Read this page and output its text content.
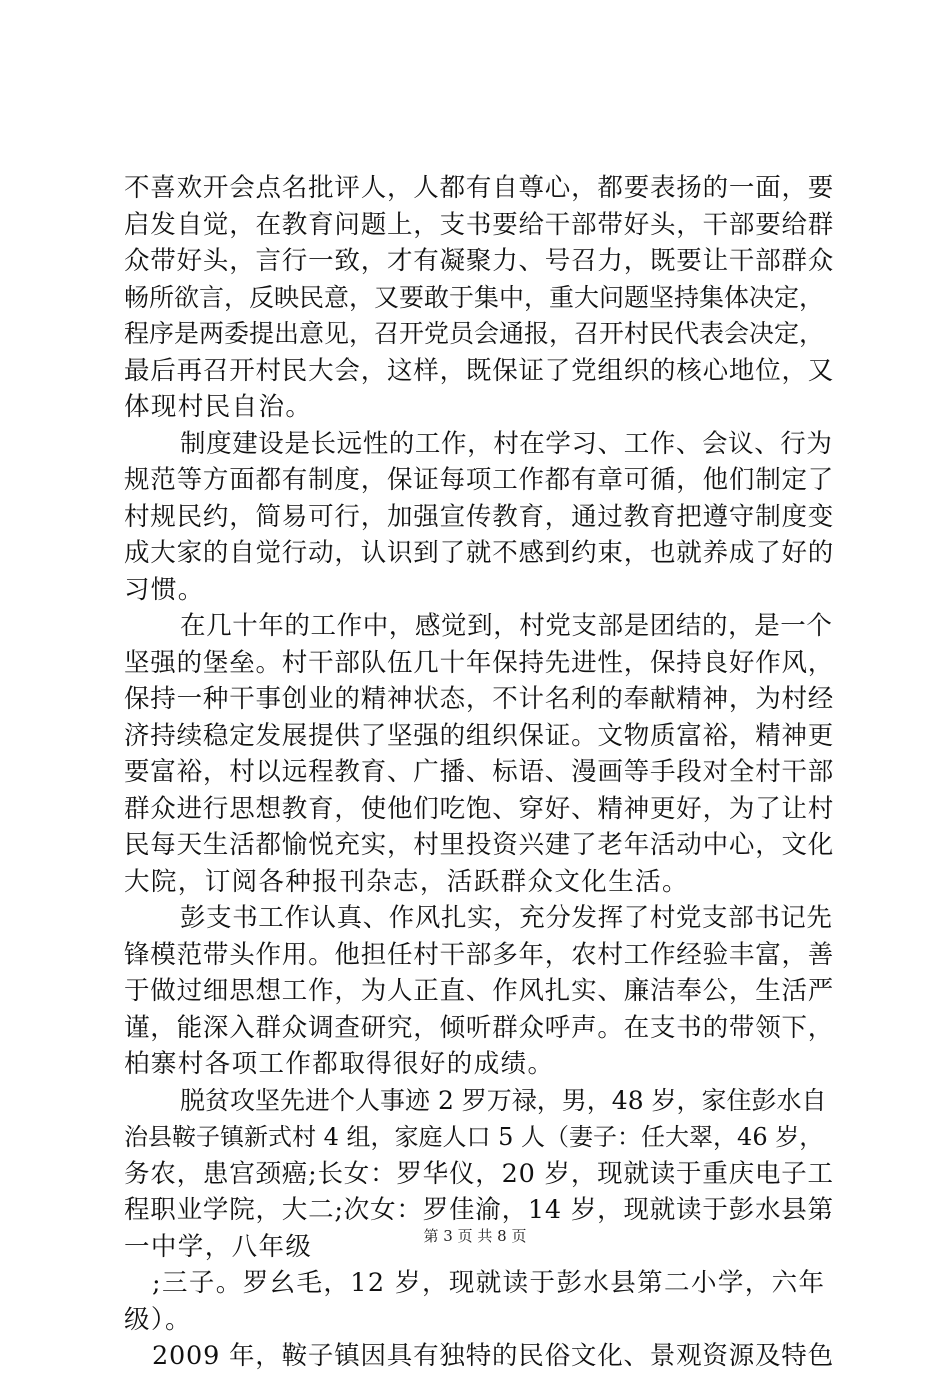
不喜欢开会点名批评人，人都有自尊心，都要表扬的一面，要
启发自觉，在教育问题上，支书要给干部带好头，干部要给群
众带好头，言行一致，才有凝聚力、号召力，既要让干部群众
畅所欲言，反映民意，又要敢于集中，重大问题坚持集体决定，
程序是两委提出意见，召开党员会通报，召开村民代表会决定，
最后再召开村民大会，这样，既保证了党组织的核心地位，又
体现村民自治。
制度建设是长远性的工作，村在学习、工作、会议、行为
规范等方面都有制度，保证每项工作都有章可循，他们制定了
村规民约，简易可行，加强宣传教育，通过教育把遵守制度变
成大家的自觉行动，认识到了就不感到约束，也就养成了好的
习惯。
在几十年的工作中，感觉到，村党支部是团结的，是一个
坚强的堡垒。村干部队伍几十年保持先进性，保持良好作风，
保持一种干事创业的精神状态，不计名利的奉献精神，为村经
济持续稳定发展提供了坚强的组织保证。文物质富裕，精神更
要富裕，村以远程教育、广播、标语、漫画等手段对全村干部
群众进行思想教育，使他们吃饱、穿好、精神更好，为了让村
民每天生活都愉悦充实，村里投资兴建了老年活动中心，文化
大院，订阅各种报刊杂志，活跃群众文化生活。
彭支书工作认真、作风扎实，充分发挥了村党支部书记先
锋模范带头作用。他担任村干部多年，农村工作经验丰富，善
于做过细思想工作，为人正直、作风扎实、廉洁奉公，生活严
谨，能深入群众调查研究，倾听群众呼声。在支书的带领下，
柏寨村各项工作都取得很好的成绩。
脱贫攻坚先进个人事迹 2 罗万禄，男，48 岁，家住彭水自
治县鞍子镇新式村 4 组，家庭人口 5 人（妻子：任大翠，46 岁，
务农，患宫颈癌;长女：罗华仪，20 岁，现就读于重庆电子工
程职业学院，大二;次女：罗佳渝，14 岁，现就读于彭水县第
一中学，八年级
;三子。罗幺毛，12 岁，现就读于彭水县第二小学，六年
级）。
2009 年，鞍子镇因具有独特的民俗文化、景观资源及特色
第 3 页 共 8 页
